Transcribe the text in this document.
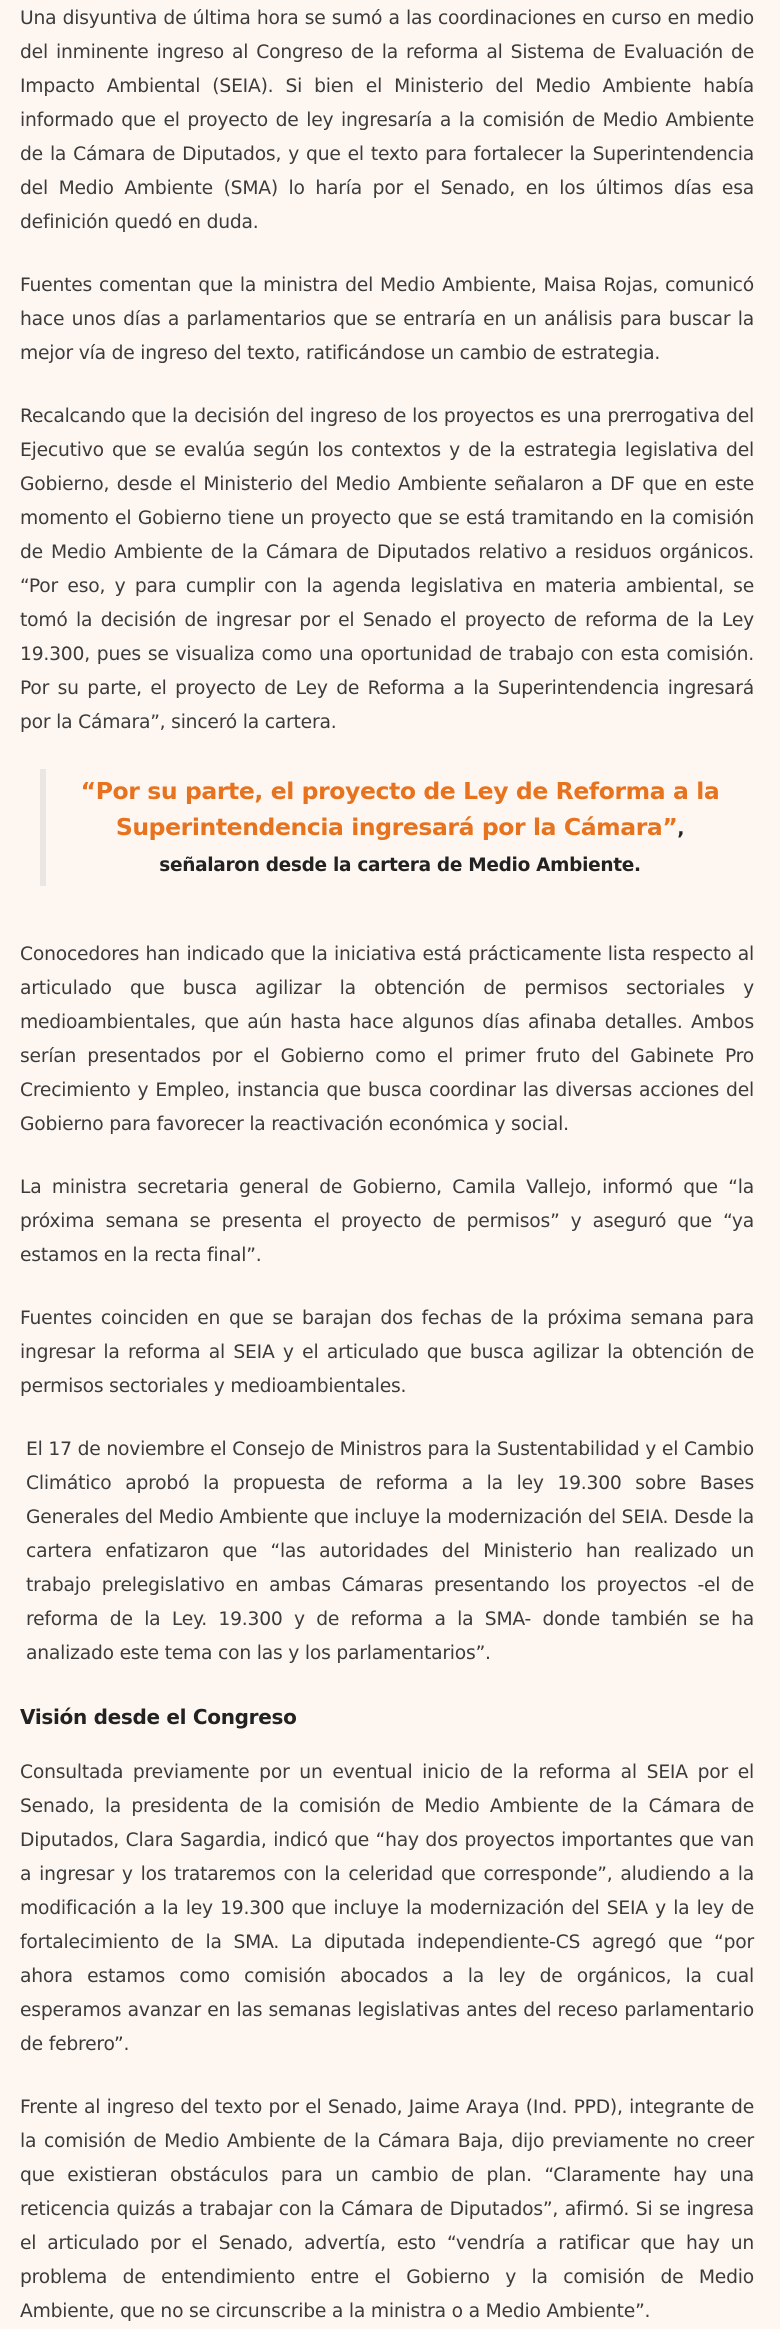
Una disyuntiva de última hora se sumó a las coordinaciones en curso en medio del inminente ingreso al Congreso de la reforma al Sistema de Evaluación de Impacto Ambiental (SEIA). Si bien el Ministerio del Medio Ambiente había informado que el proyecto de ley ingresaría a la comisión de Medio Ambiente de la Cámara de Diputados, y que el texto para fortalecer la Superintendencia del Medio Ambiente (SMA) lo haría por el Senado, en los últimos días esa definición quedó en duda.

Fuentes comentan que la ministra del Medio Ambiente, Maisa Rojas, comunicó hace unos días a parlamentarios que se entraría en un análisis para buscar la mejor vía de ingreso del texto, ratificándose un cambio de estrategia.

Recalcando que la decisión del ingreso de los proyectos es una prerrogativa del Ejecutivo que se evalúa según los contextos y de la estrategia legislativa del Gobierno, desde el Ministerio del Medio Ambiente señalaron a DF que en este momento el Gobierno tiene un proyecto que se está tramitando en la comisión de Medio Ambiente de la Cámara de Diputados relativo a residuos orgánicos. “Por eso, y para cumplir con la agenda legislativa en materia ambiental, se tomó la decisión de ingresar por el Senado el proyecto de reforma de la Ley 19.300, pues se visualiza como una oportunidad de trabajo con esta comisión. Por su parte, el proyecto de Ley de Reforma a la Superintendencia ingresará por la Cámara”, sinceró la cartera.

“Por su parte, el proyecto de Ley de Reforma a la Superintendencia ingresará por la Cámara”, señalaron desde la cartera de Medio Ambiente.

Conocedores han indicado que la iniciativa está prácticamente lista respecto al articulado que busca agilizar la obtención de permisos sectoriales y medioambientales, que aún hasta hace algunos días afinaba detalles. Ambos serían presentados por el Gobierno como el primer fruto del Gabinete Pro Crecimiento y Empleo, instancia que busca coordinar las diversas acciones del Gobierno para favorecer la reactivación económica y social.

La ministra secretaria general de Gobierno, Camila Vallejo, informó que “la próxima semana se presenta el proyecto de permisos” y aseguró que “ya estamos en la recta final”.

Fuentes coinciden en que se barajan dos fechas de la próxima semana para ingresar la reforma al SEIA y el articulado que busca agilizar la obtención de permisos sectoriales y medioambientales.

El 17 de noviembre el Consejo de Ministros para la Sustentabilidad y el Cambio Climático aprobó la propuesta de reforma a la ley 19.300 sobre Bases Generales del Medio Ambiente que incluye la modernización del SEIA. Desde la cartera enfatizaron que “las autoridades del Ministerio han realizado un trabajo prelegislativo en ambas Cámaras presentando los proyectos -el de reforma de la Ley. 19.300 y de reforma a la SMA- donde también se ha analizado este tema con las y los parlamentarios”.

Visión desde el Congreso

Consultada previamente por un eventual inicio de la reforma al SEIA por el Senado, la presidenta de la comisión de Medio Ambiente de la Cámara de Diputados, Clara Sagardia, indicó que “hay dos proyectos importantes que van a ingresar y los trataremos con la celeridad que corresponde”, aludiendo a la modificación a la ley 19.300 que incluye la modernización del SEIA y la ley de fortalecimiento de la SMA. La diputada independiente-CS agregó que “por ahora estamos como comisión abocados a la ley de orgánicos, la cual esperamos avanzar en las semanas legislativas antes del receso parlamentario de febrero”.

Frente al ingreso del texto por el Senado, Jaime Araya (Ind. PPD), integrante de la comisión de Medio Ambiente de la Cámara Baja, dijo previamente no creer que existieran obstáculos para un cambio de plan. “Claramente hay una reticencia quizás a trabajar con la Cámara de Diputados”, afirmó. Si se ingresa el articulado por el Senado, advertía, esto “vendría a ratificar que hay un problema de entendimiento entre el Gobierno y la comisión de Medio Ambiente, que no se circunscribe a la ministra o a Medio Ambiente”.
